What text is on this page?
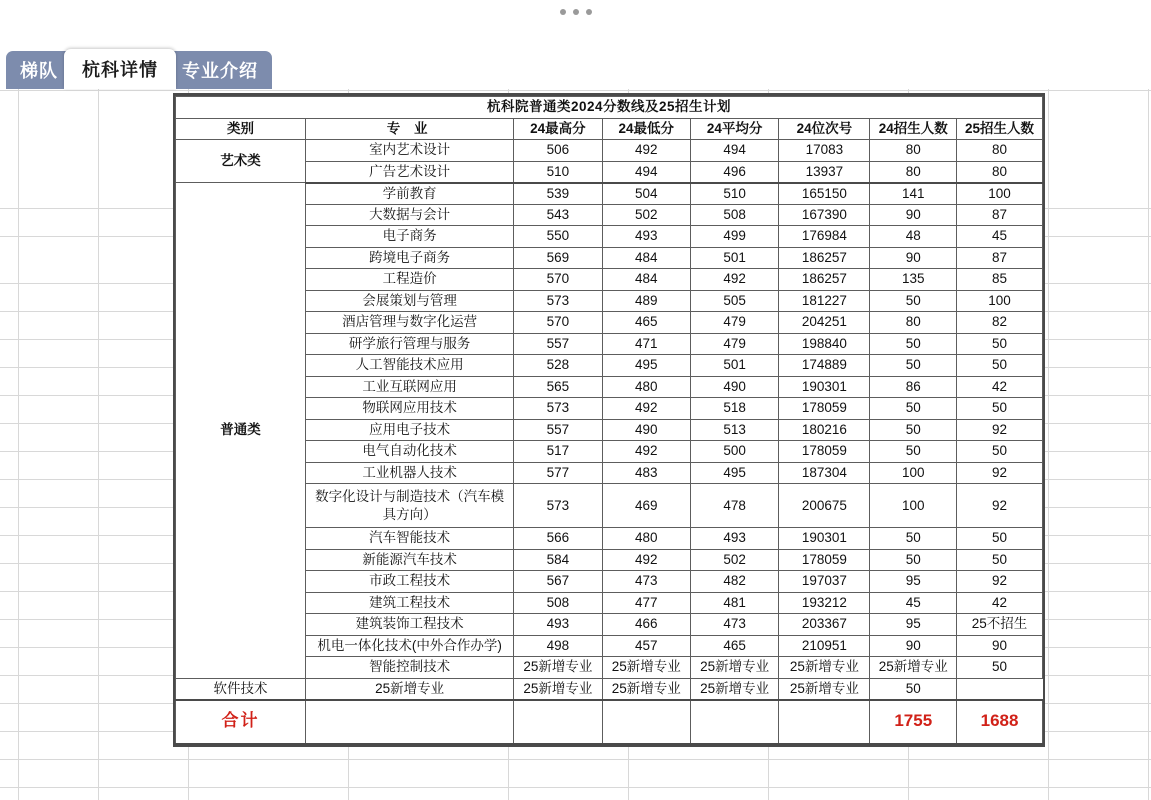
梯队	杭科详情	专业介绍
杭科院普通类2024分数线及25招生计划							
类别	专 业	24最高分	24最低分	24平均分	24位次号	24招生人数	25招生人数
艺术类	室内艺术设计	506	492	494	17083	80	80
	广告艺术设计	510	494	496	13937	80	80
普通类	学前教育	539	504	510	165150	141	100
	大数据与会计	543	502	508	167390	90	87
	电子商务	550	493	499	176984	48	45
	跨境电子商务	569	484	501	186257	90	87
	工程造价	570	484	492	186257	135	85
	会展策划与管理	573	489	505	181227	50	100
	酒店管理与数字化运营	570	465	479	204251	80	82
	研学旅行管理与服务	557	471	479	198840	50	50
	人工智能技术应用	528	495	501	174889	50	50
	工业互联网应用	565	480	490	190301	86	42
	物联网应用技术	573	492	518	178059	50	50
	应用电子技术	557	490	513	180216	50	92
	电气自动化技术	517	492	500	178059	50	50
	工业机器人技术	577	483	495	187304	100	92
	数字化设计与制造技术（汽车模具方向）	573	469	478	200675	100	92
	汽车智能技术	566	480	493	190301	50	50
	新能源汽车技术	584	492	502	178059	50	50
	市政工程技术	567	473	482	197037	95	92
	建筑工程技术	508	477	481	193212	45	42
	建筑装饰工程技术	493	466	473	203367	95	25不招生
	机电一体化技术(中外合作办学)	498	457	465	210951	90	90
	智能控制技术	25新增专业	25新增专业	25新增专业	25新增专业	25新增专业	50
软件技术	25新增专业	25新增专业	25新增专业	25新增专业	25新增专业	50	
合计						1755	1688
